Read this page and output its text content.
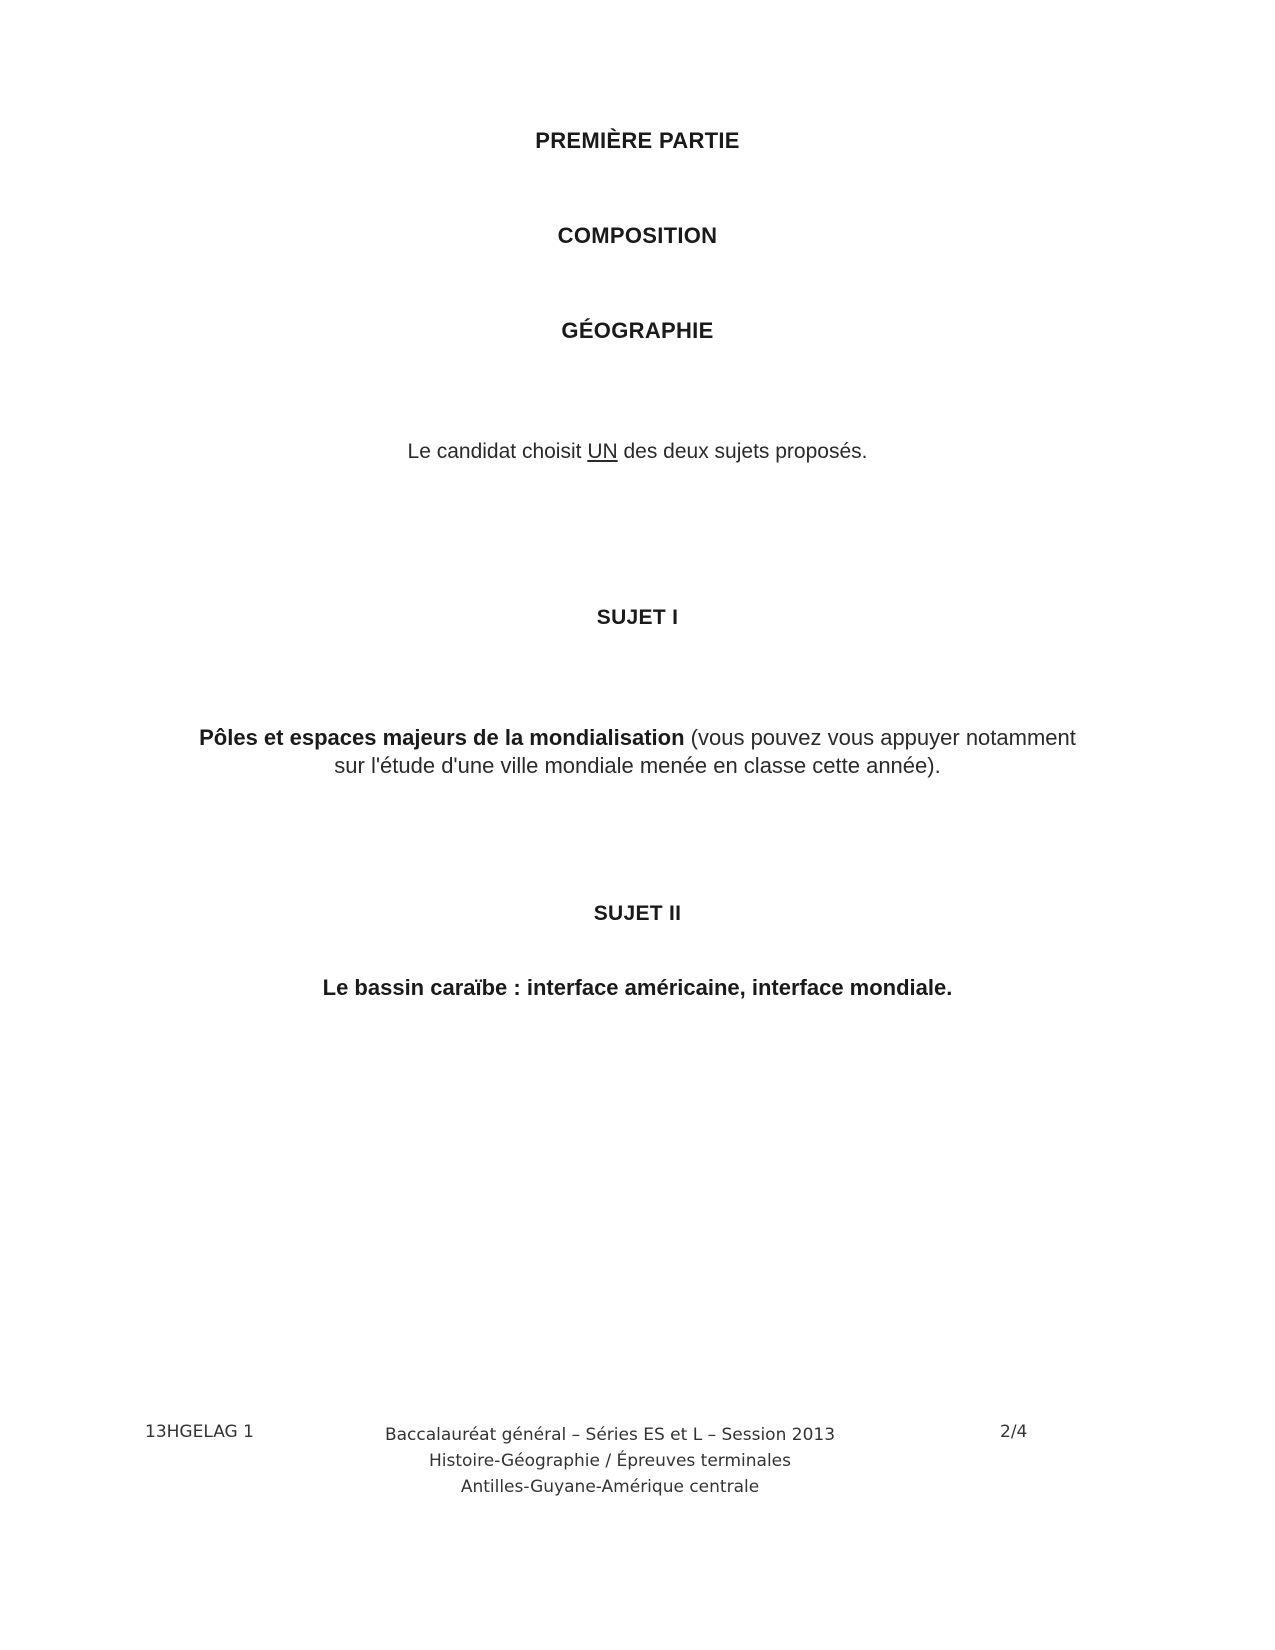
PREMIÈRE PARTIE
COMPOSITION
GÉOGRAPHIE
Le candidat choisit UN des deux sujets proposés.
SUJET I
Pôles et espaces majeurs de la mondialisation (vous pouvez vous appuyer notamment
sur l'étude d'une ville mondiale menée en classe cette année).
SUJET II
Le bassin caraïbe : interface américaine, interface mondiale.
13HGELAG 1	Baccalauréat général – Séries ES et L – Session 2013
Histoire-Géographie / Épreuves terminales
Antilles-Guyane-Amérique centrale
2/4
